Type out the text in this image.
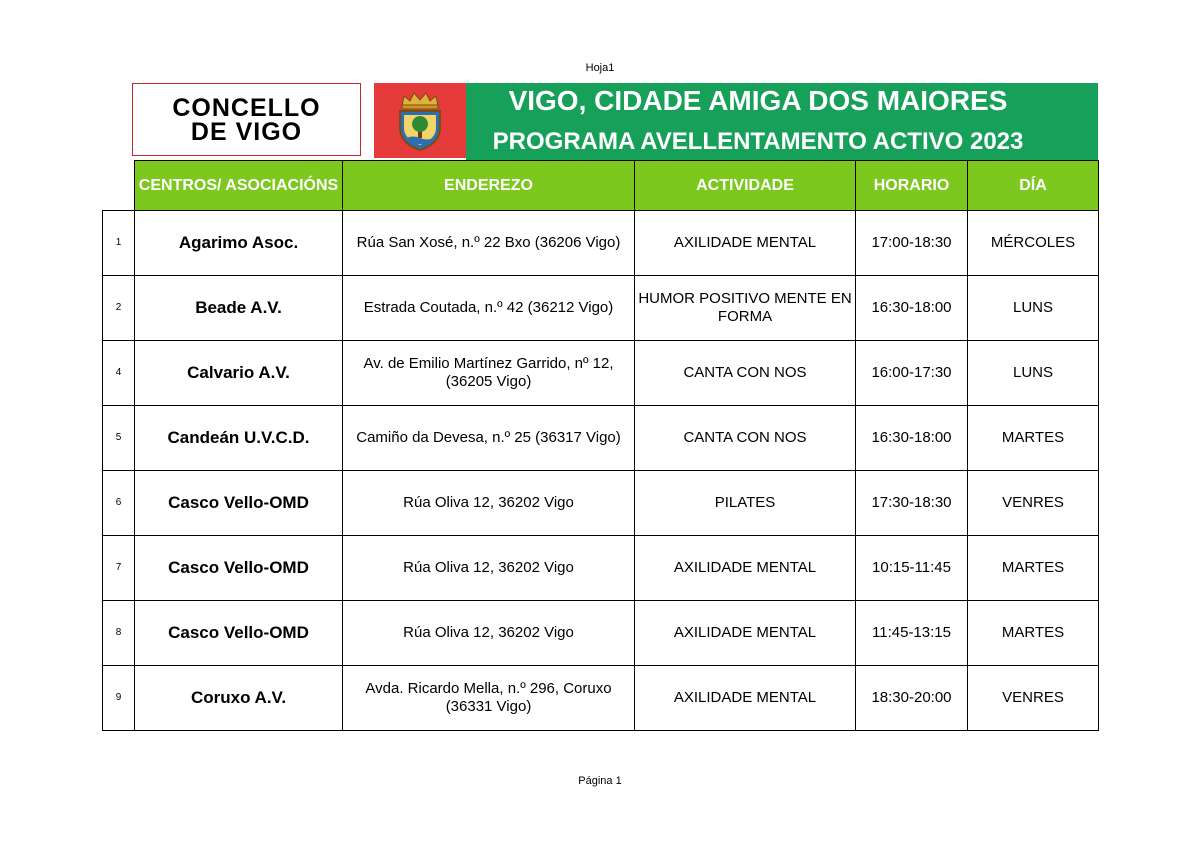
Hoja1
CONCELLO
DE VIGO
VIGO, CIDADE AMIGA DOS MAIORES
PROGRAMA AVELLENTAMENTO ACTIVO 2023
	CENTROS/ ASOCIACIÓNS	ENDEREZO	ACTIVIDADE	HORARIO	DÍA
1	Agarimo Asoc.	Rúa San Xosé, n.º 22 Bxo (36206 Vigo)	AXILIDADE MENTAL	17:00-18:30	MÉRCOLES
2	Beade A.V.	Estrada Coutada, n.º 42 (36212 Vigo)	HUMOR POSITIVO MENTE EN FORMA	16:30-18:00	LUNS
4	Calvario A.V.	Av. de Emilio Martínez Garrido, nº 12, (36205 Vigo)	CANTA CON NOS	16:00-17:30	LUNS
5	Candeán U.V.C.D.	Camiño da Devesa, n.º 25 (36317 Vigo)	CANTA CON NOS	16:30-18:00	MARTES
6	Casco Vello-OMD	Rúa Oliva 12, 36202 Vigo	PILATES	17:30-18:30	VENRES
7	Casco Vello-OMD	Rúa Oliva 12, 36202 Vigo	AXILIDADE MENTAL	10:15-11:45	MARTES
8	Casco Vello-OMD	Rúa Oliva 12, 36202 Vigo	AXILIDADE MENTAL	11:45-13:15	MARTES
9	Coruxo A.V.	Avda. Ricardo Mella, n.º 296, Coruxo (36331 Vigo)	AXILIDADE MENTAL	18:30-20:00	VENRES
Página 1
